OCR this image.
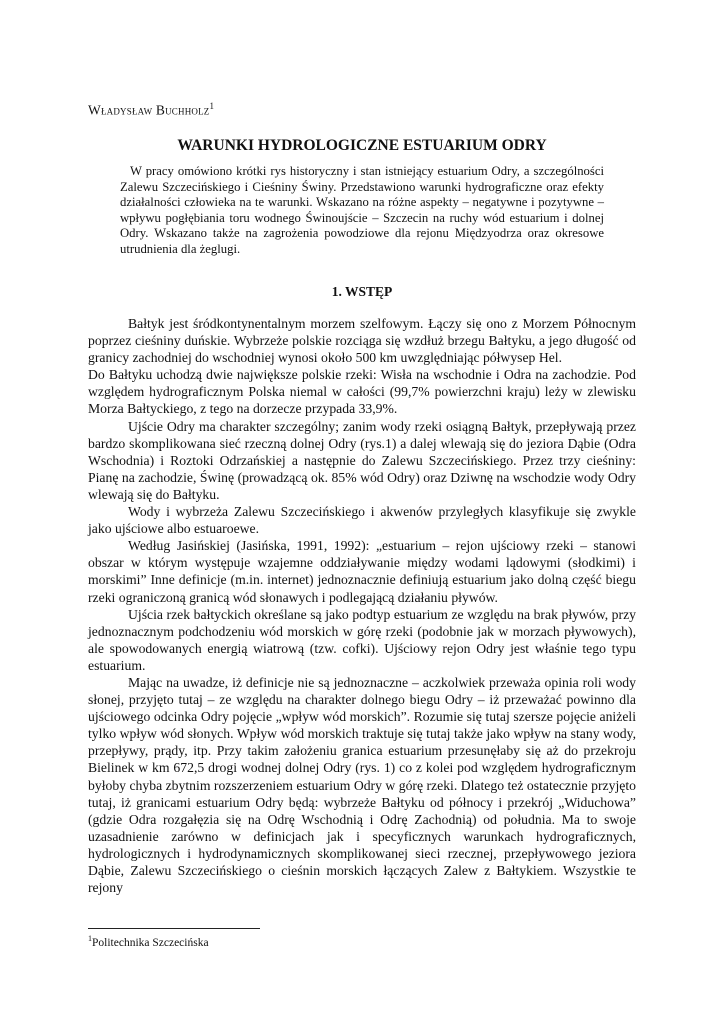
Władysław Buchholz$^1$
WARUNKI HYDROLOGICZNE ESTUARIUM ODRY

W pracy omówiono krótki rys historyczny i stan istniejący estuarium Odry, a szczególności Zalewu Szczecińskiego i Cieśniny Świny. Przedstawiono warunki hydrograficzne oraz efekty działalności człowieka na te warunki. Wskazano na różne aspekty – negatywne i pozytywne – wpływu pogłębiania toru wodnego Świnoujście – Szczecin na ruchy wód estuarium i dolnej Odry. Wskazano także na zagrożenia powodziowe dla rejonu Międzyodrza oraz okresowe utrudnienia dla żeglugi.

1. WSTĘP

Bałtyk jest śródkontynentalnym morzem szelfowym. Łączy się ono z Morzem Północnym poprzez cieśniny duńskie. Wybrzeże polskie rozciąga się wzdłuż brzegu Bałtyku, a jego długość od granicy zachodniej do wschodniej wynosi około 500 km uwzględniając półwysep Hel.

Do Bałtyku uchodzą dwie największe polskie rzeki: Wisła na wschodnie i Odra na zachodzie. Pod względem hydrograficznym Polska niemal w całości (99,7% powierzchni kraju) leży w zlewisku Morza Bałtyckiego, z tego na dorzecze przypada 33,9%.

Ujście Odry ma charakter szczególny; zanim wody rzeki osiągną Bałtyk, przepływają przez bardzo skomplikowana sieć rzeczną dolnej Odry (rys.1) a dalej wlewają się do jeziora Dąbie (Odra Wschodnia) i Roztoki Odrzańskiej a następnie do Zalewu Szczecińskiego. Przez trzy cieśniny: Pianę na zachodzie, Świnę (prowadzącą ok. 85% wód Odry) oraz Dziwnę na wschodzie wody Odry wlewają się do Bałtyku.

Wody i wybrzeża Zalewu Szczecińskiego i akwenów przyległych klasyfikuje się zwykle jako ujściowe albo estuaroewe.

Według Jasińskiej (Jasińska, 1991, 1992): „estuarium – rejon ujściowy rzeki – stanowi obszar w którym występuje wzajemne oddziaływanie między wodami lądowymi (słodkimi) i morskimi” Inne definicje (m.in. internet) jednoznacznie definiują estuarium jako dolną część biegu rzeki ograniczoną granicą wód słonawych i podlegającą działaniu pływów.

Ujścia rzek bałtyckich określane są jako podtyp estuarium ze względu na brak pływów, przy jednoznacznym podchodzeniu wód morskich w górę rzeki (podobnie jak w morzach pływowych), ale spowodowanych energią wiatrową (tzw. cofki). Ujściowy rejon Odry jest właśnie tego typu estuarium.

Mając na uwadze, iż definicje nie są jednoznaczne – aczkolwiek przeważa opinia roli wody słonej, przyjęto tutaj – ze względu na charakter dolnego biegu Odry – iż przeważać powinno dla ujściowego odcinka Odry pojęcie „wpływ wód morskich”. Rozumie się tutaj szersze pojęcie aniżeli tylko wpływ wód słonych. Wpływ wód morskich traktuje się tutaj także jako wpływ na stany wody, przepływy, prądy, itp. Przy takim założeniu granica estuarium przesunęłaby się aż do przekroju Bielinek w km 672,5 drogi wodnej dolnej Odry (rys. 1) co z kolei pod względem hydrograficznym byłoby chyba zbytnim rozszerzeniem estuarium Odry w górę rzeki. Dlatego też ostatecznie przyjęto tutaj, iż granicami estuarium Odry będą: wybrzeże Bałtyku od północy i przekrój „Widuchowa” (gdzie Odra rozgałęzia się na Odrę Wschodnią i Odrę Zachodnią) od południa. Ma to swoje uzasadnienie zarówno w definicjach jak i specyficznych warunkach hydrograficznych, hydrologicznych i hydrodynamicznych skomplikowanej sieci rzecznej, przepływowego jeziora Dąbie, Zalewu Szczecińskiego o cieśnin morskich łączących Zalew z Bałtykiem. Wszystkie te rejony

$^1$Politechnika Szczecińska
